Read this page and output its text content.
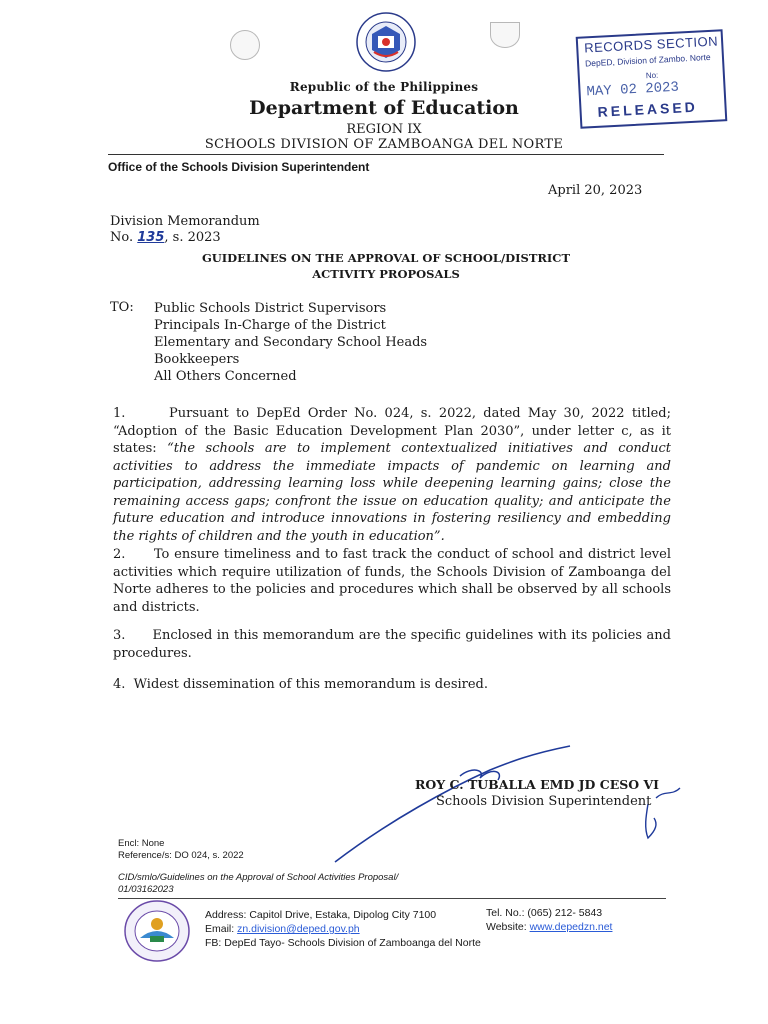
RECORDS SECTION
DepED, Division of Zambo. Norte
No:
MAY 02 2023
RELEASED
Republic of the Philippines
Department of Education
REGION IX
SCHOOLS DIVISION OF ZAMBOANGA DEL NORTE
Office of the Schools Division Superintendent
April 20, 2023
Division Memorandum
No. 135, s. 2023
GUIDELINES ON THE APPROVAL OF SCHOOL/DISTRICT
ACTIVITY PROPOSALS
TO: Public Schools District Supervisors
Principals In-Charge of the District
Elementary and Secondary School Heads
Bookkeepers
All Others Concerned
1.	Pursuant to DepEd Order No. 024, s. 2022, dated May 30, 2022 titled; “Adoption of the Basic Education Development Plan 2030”, under letter c, as it states: “the schools are to implement contextualized initiatives and conduct activities to address the immediate impacts of pandemic on learning and participation, addressing learning loss while deepening learning gains; close the remaining access gaps; confront the issue on education quality; and anticipate the future education and introduce innovations in fostering resiliency and embedding the rights of children and the youth in education”.
2. To ensure timeliness and to fast track the conduct of school and district level activities which require utilization of funds, the Schools Division of Zamboanga del Norte adheres to the policies and procedures which shall be observed by all schools and districts.
3. Enclosed in this memorandum are the specific guidelines with its policies and procedures.
4. Widest dissemination of this memorandum is desired.
ROY C. TUBALLA EMD JD CESO VI
Schools Division Superintendent
Encl: None
Reference/s: DO 024, s. 2022
CID/smlo/Guidelines on the Approval of School Activities Proposal/
01/03162023
Address: Capitol Drive, Estaka, Dipolog City 7100
Email: zn.division@deped.gov.ph
FB: DepEd Tayo- Schools Division of Zamboanga del Norte
Tel. No.: (065) 212- 5843
Website: www.depedzn.net
